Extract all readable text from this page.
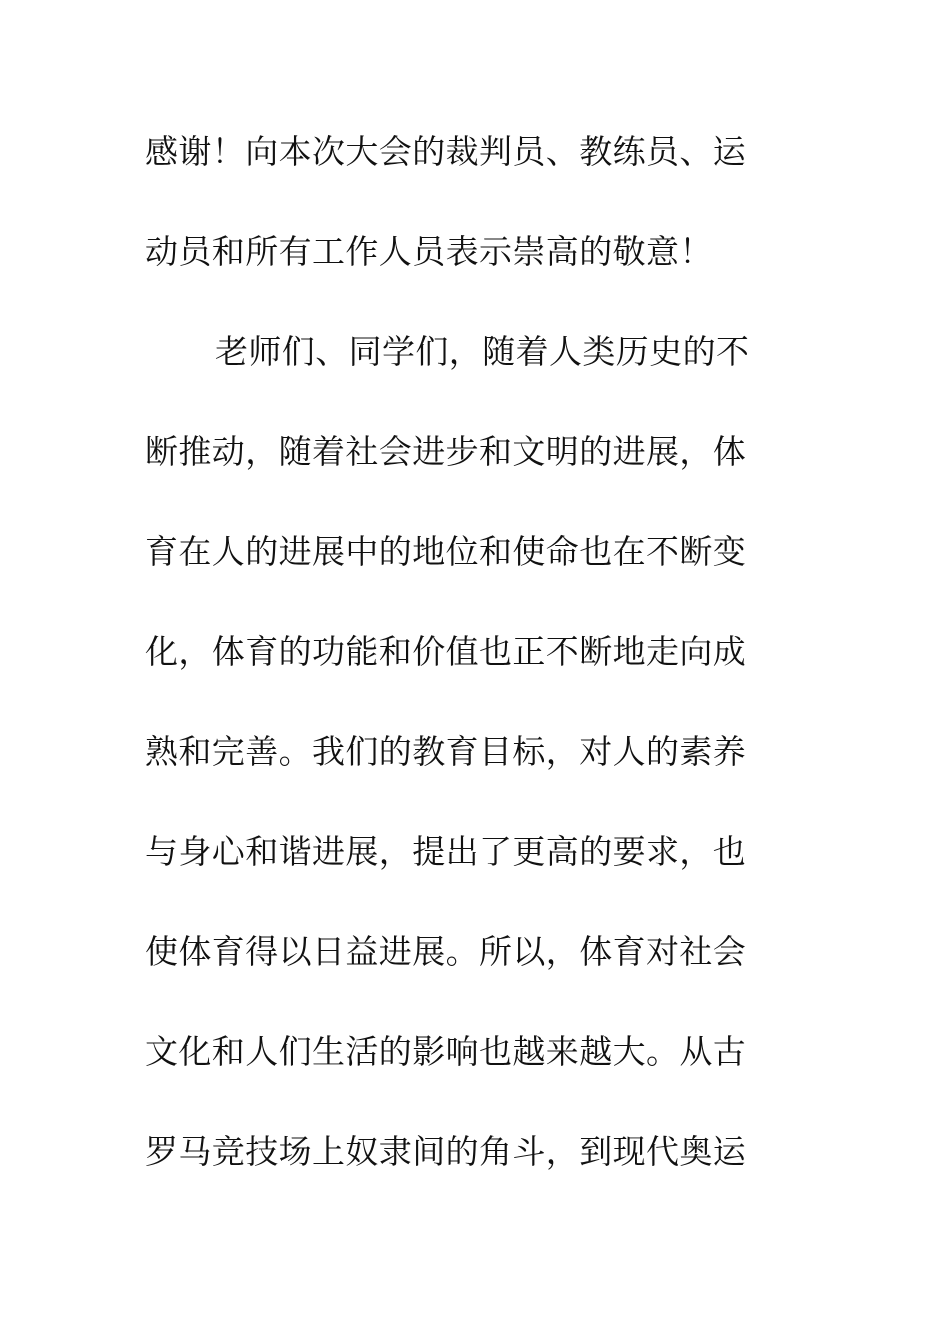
感谢！向本次大会的裁判员、教练员、运
动员和所有工作人员表示崇高的敬意！
老师们、同学们，随着人类历史的不
断推动，随着社会进步和文明的进展，体
育在人的进展中的地位和使命也在不断变
化，体育的功能和价值也正不断地走向成
熟和完善。我们的教育目标，对人的素养
与身心和谐进展，提出了更高的要求，也
使体育得以日益进展。所以，体育对社会
文化和人们生活的影响也越来越大。从古
罗马竞技场上奴隶间的角斗，到现代奥运
